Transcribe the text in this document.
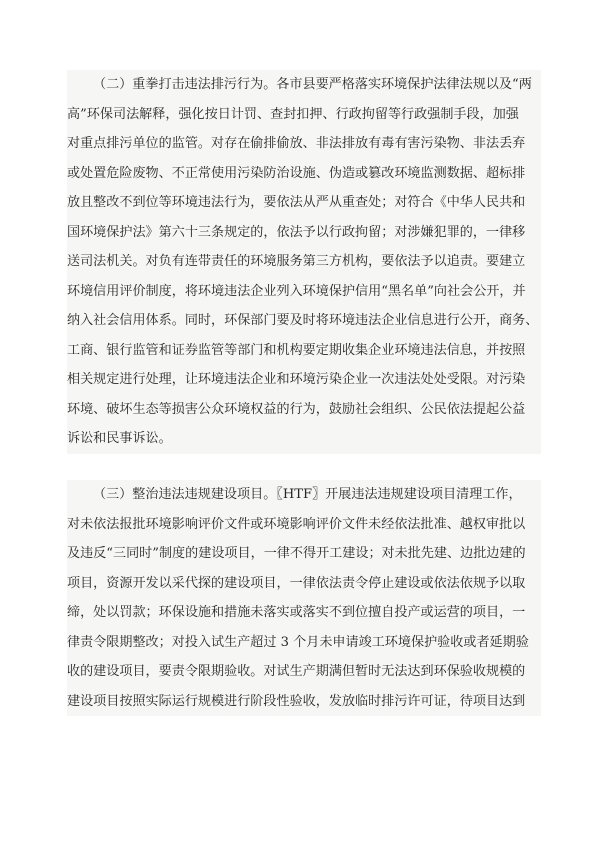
（二）重拳打击违法排污行为。各市县要严格落实环境保护法律法规以及“两
高”环保司法解释，强化按日计罚、查封扣押、行政拘留等行政强制手段，加强
对重点排污单位的监管。对存在偷排偷放、非法排放有毒有害污染物、非法丢弃
或处置危险废物、不正常使用污染防治设施、伪造或篡改环境监测数据、超标排
放且整改不到位等环境违法行为，要依法从严从重查处；对符合《中华人民共和
国环境保护法》第六十三条规定的，依法予以行政拘留；对涉嫌犯罪的，一律移
送司法机关。对负有连带责任的环境服务第三方机构，要依法予以追责。要建立
环境信用评价制度，将环境违法企业列入环境保护信用“黑名单”向社会公开，并
纳入社会信用体系。同时，环保部门要及时将环境违法企业信息进行公开，商务、
工商、银行监管和证券监管等部门和机构要定期收集企业环境违法信息，并按照
相关规定进行处理，让环境违法企业和环境污染企业一次违法处处受限。对污染
环境、破坏生态等损害公众环境权益的行为，鼓励社会组织、公民依法提起公益
诉讼和民事诉讼。
（三）整治违法违规建设项目。〖HTF〗开展违法违规建设项目清理工作，
对未依法报批环境影响评价文件或环境影响评价文件未经依法批准、越权审批以
及违反“三同时”制度的建设项目，一律不得开工建设；对未批先建、边批边建的
项目，资源开发以采代探的建设项目，一律依法责令停止建设或依法依规予以取
缔，处以罚款；环保设施和措施未落实或落实不到位擅自投产或运营的项目，一
律责令限期整改；对投入试生产超过 3 个月未申请竣工环境保护验收或者延期验
收的建设项目，要责令限期验收。对试生产期满但暂时无法达到环保验收规模的
建设项目按照实际运行规模进行阶段性验收，发放临时排污许可证，待项目达到
